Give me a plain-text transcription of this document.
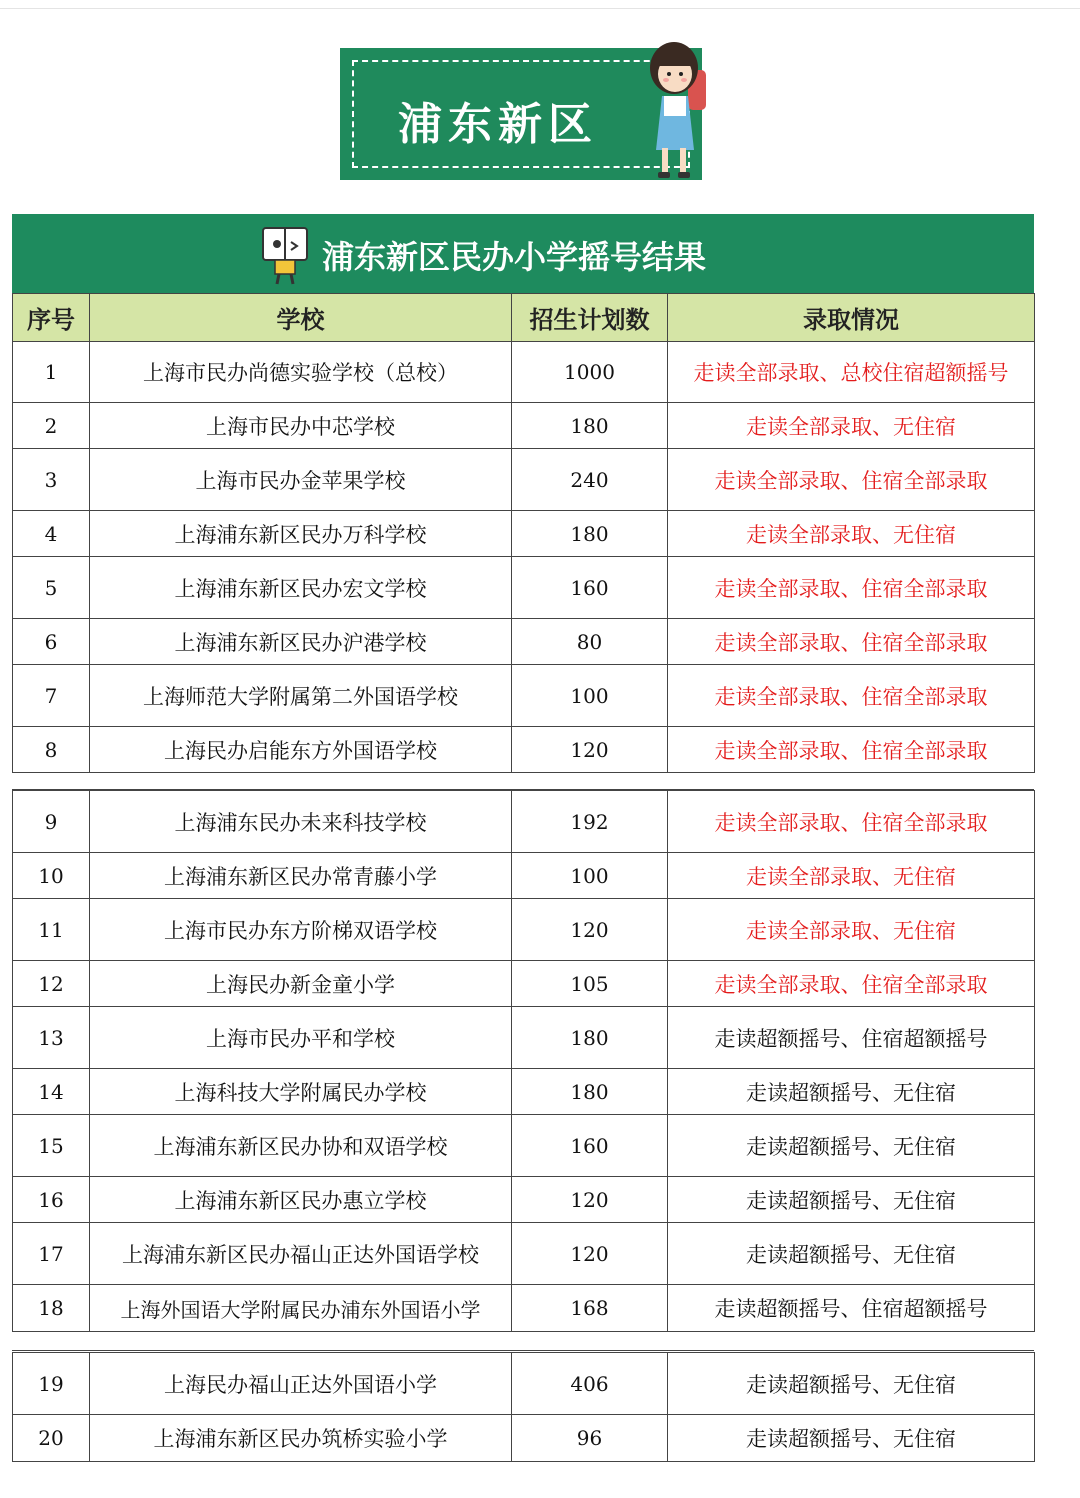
浦东新区
浦东新区民办小学摇号结果
序号	学校	招生计划数	录取情况
1	上海市民办尚德实验学校（总校）	1000	走读全部录取、总校住宿超额摇号
2	上海市民办中芯学校	180	走读全部录取、无住宿
3	上海市民办金苹果学校	240	走读全部录取、住宿全部录取
4	上海浦东新区民办万科学校	180	走读全部录取、无住宿
5	上海浦东新区民办宏文学校	160	走读全部录取、住宿全部录取
6	上海浦东新区民办沪港学校	80	走读全部录取、住宿全部录取
7	上海师范大学附属第二外国语学校	100	走读全部录取、住宿全部录取
8	上海民办启能东方外国语学校	120	走读全部录取、住宿全部录取
9	上海浦东民办未来科技学校	192	走读全部录取、住宿全部录取
10	上海浦东新区民办常青藤小学	100	走读全部录取、无住宿
11	上海市民办东方阶梯双语学校	120	走读全部录取、无住宿
12	上海民办新金童小学	105	走读全部录取、住宿全部录取
13	上海市民办平和学校	180	走读超额摇号、住宿超额摇号
14	上海科技大学附属民办学校	180	走读超额摇号、无住宿
15	上海浦东新区民办协和双语学校	160	走读超额摇号、无住宿
16	上海浦东新区民办惠立学校	120	走读超额摇号、无住宿
17	上海浦东新区民办福山正达外国语学校	120	走读超额摇号、无住宿
18	上海外国语大学附属民办浦东外国语小学	168	走读超额摇号、住宿超额摇号
19	上海民办福山正达外国语小学	406	走读超额摇号、无住宿
20	上海浦东新区民办筑桥实验小学	96	走读超额摇号、无住宿
